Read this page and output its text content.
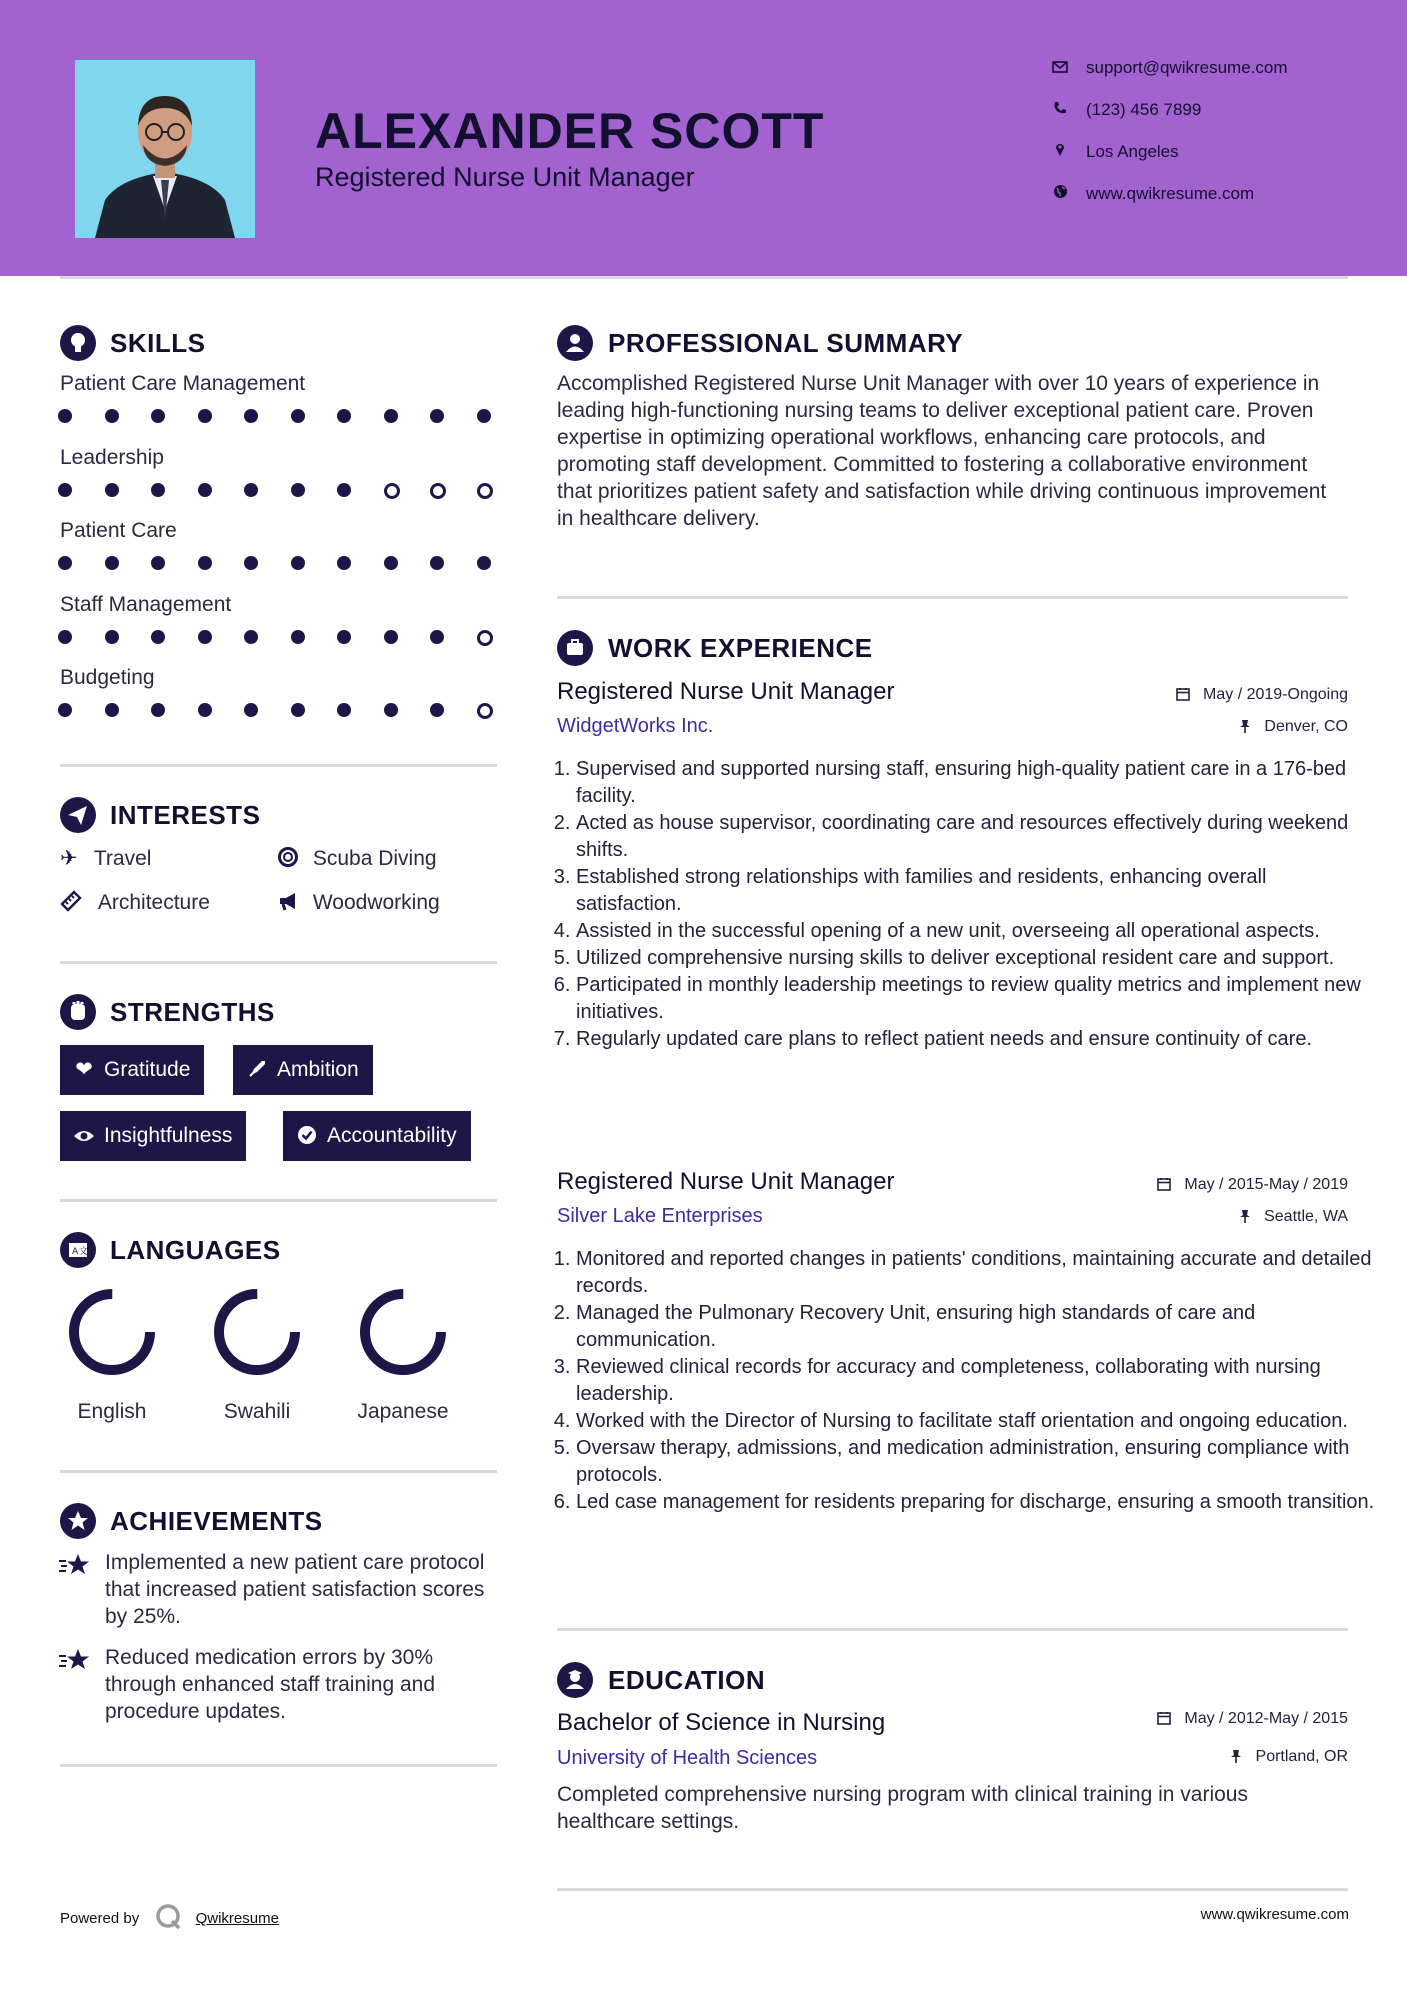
ALEXANDER SCOTT
Registered Nurse Unit Manager
support@qwikresume.com
(123) 456 7899
Los Angeles
www.qwikresume.com
SKILLS
Patient Care Management
Leadership
Patient Care
Staff Management
Budgeting
INTERESTS
✈ Travel	Scuba Diving
Architecture	Woodworking
STRENGTHS
❤ Gratitude	Ambition
Insightfulness	Accountability
A 文 LANGUAGES
English	Swahili	Japanese
ACHIEVEMENTS
Implemented a new patient care protocol that increased patient satisfaction scores by 25%.
Reduced medication errors by 30% through enhanced staff training and procedure updates.
PROFESSIONAL SUMMARY
Accomplished Registered Nurse Unit Manager with over 10 years of experience in leading high-functioning nursing teams to deliver exceptional patient care. Proven expertise in optimizing operational workflows, enhancing care protocols, and promoting staff development. Committed to fostering a collaborative environment that prioritizes patient safety and satisfaction while driving continuous improvement in healthcare delivery.
WORK EXPERIENCE
Registered Nurse Unit Manager	May / 2019-Ongoing
WidgetWorks Inc.	Denver, CO
1. Supervised and supported nursing staff, ensuring high-quality patient care in a 176-bed facility.
2. Acted as house supervisor, coordinating care and resources effectively during weekend shifts.
3. Established strong relationships with families and residents, enhancing overall satisfaction.
4. Assisted in the successful opening of a new unit, overseeing all operational aspects.
5. Utilized comprehensive nursing skills to deliver exceptional resident care and support.
6. Participated in monthly leadership meetings to review quality metrics and implement new initiatives.
7. Regularly updated care plans to reflect patient needs and ensure continuity of care.
Registered Nurse Unit Manager	May / 2015-May / 2019
Silver Lake Enterprises	Seattle, WA
1. Monitored and reported changes in patients' conditions, maintaining accurate and detailed records.
2. Managed the Pulmonary Recovery Unit, ensuring high standards of care and communication.
3. Reviewed clinical records for accuracy and completeness, collaborating with nursing leadership.
4. Worked with the Director of Nursing to facilitate staff orientation and ongoing education.
5. Oversaw therapy, admissions, and medication administration, ensuring compliance with protocols.
6. Led case management for residents preparing for discharge, ensuring a smooth transition.
EDUCATION
Bachelor of Science in Nursing	May / 2012-May / 2015
University of Health Sciences	Portland, OR
Completed comprehensive nursing program with clinical training in various healthcare settings.
Powered by	Qwikresume	www.qwikresume.com
